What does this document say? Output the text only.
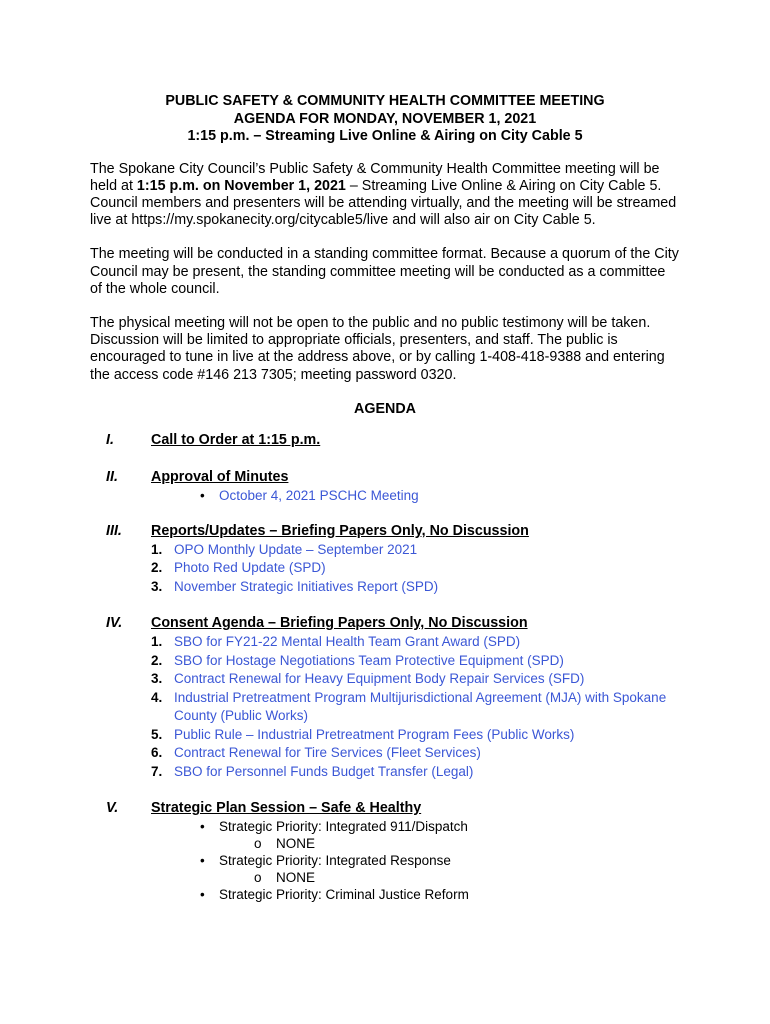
PUBLIC SAFETY & COMMUNITY HEALTH COMMITTEE MEETING
AGENDA FOR MONDAY, NOVEMBER 1, 2021
1:15 p.m. – Streaming Live Online & Airing on City Cable 5

The Spokane City Council’s Public Safety & Community Health Committee meeting will be held at 1:15 p.m. on November 1, 2021 – Streaming Live Online & Airing on City Cable 5. Council members and presenters will be attending virtually, and the meeting will be streamed live at https://my.spokanecity.org/citycable5/live and will also air on City Cable 5.

The meeting will be conducted in a standing committee format. Because a quorum of the City Council may be present, the standing committee meeting will be conducted as a committee of the whole council.

The physical meeting will not be open to the public and no public testimony will be taken. Discussion will be limited to appropriate officials, presenters, and staff. The public is encouraged to tune in live at the address above, or by calling 1-408-418-9388 and entering the access code #146 213 7305; meeting password 0320.

AGENDA
I.	Call to Order at 1:15 p.m.
II. Approval of Minutes
• October 4, 2021 PSCHC Meeting
III. Reports/Updates – Briefing Papers Only, No Discussion
1. OPO Monthly Update – September 2021
2. Photo Red Update (SPD)
3. November Strategic Initiatives Report (SPD)
IV. Consent Agenda – Briefing Papers Only, No Discussion
1. SBO for FY21-22 Mental Health Team Grant Award (SPD)
2. SBO for Hostage Negotiations Team Protective Equipment (SPD)
3. Contract Renewal for Heavy Equipment Body Repair Services (SFD)
4. Industrial Pretreatment Program Multijurisdictional Agreement (MJA) with Spokane County (Public Works)
5. Public Rule – Industrial Pretreatment Program Fees (Public Works)
6. Contract Renewal for Tire Services (Fleet Services)
7. SBO for Personnel Funds Budget Transfer (Legal)
V. Strategic Plan Session – Safe & Healthy
• Strategic Priority: Integrated 911/Dispatch
o NONE
• Strategic Priority: Integrated Response
o NONE
• Strategic Priority: Criminal Justice Reform
